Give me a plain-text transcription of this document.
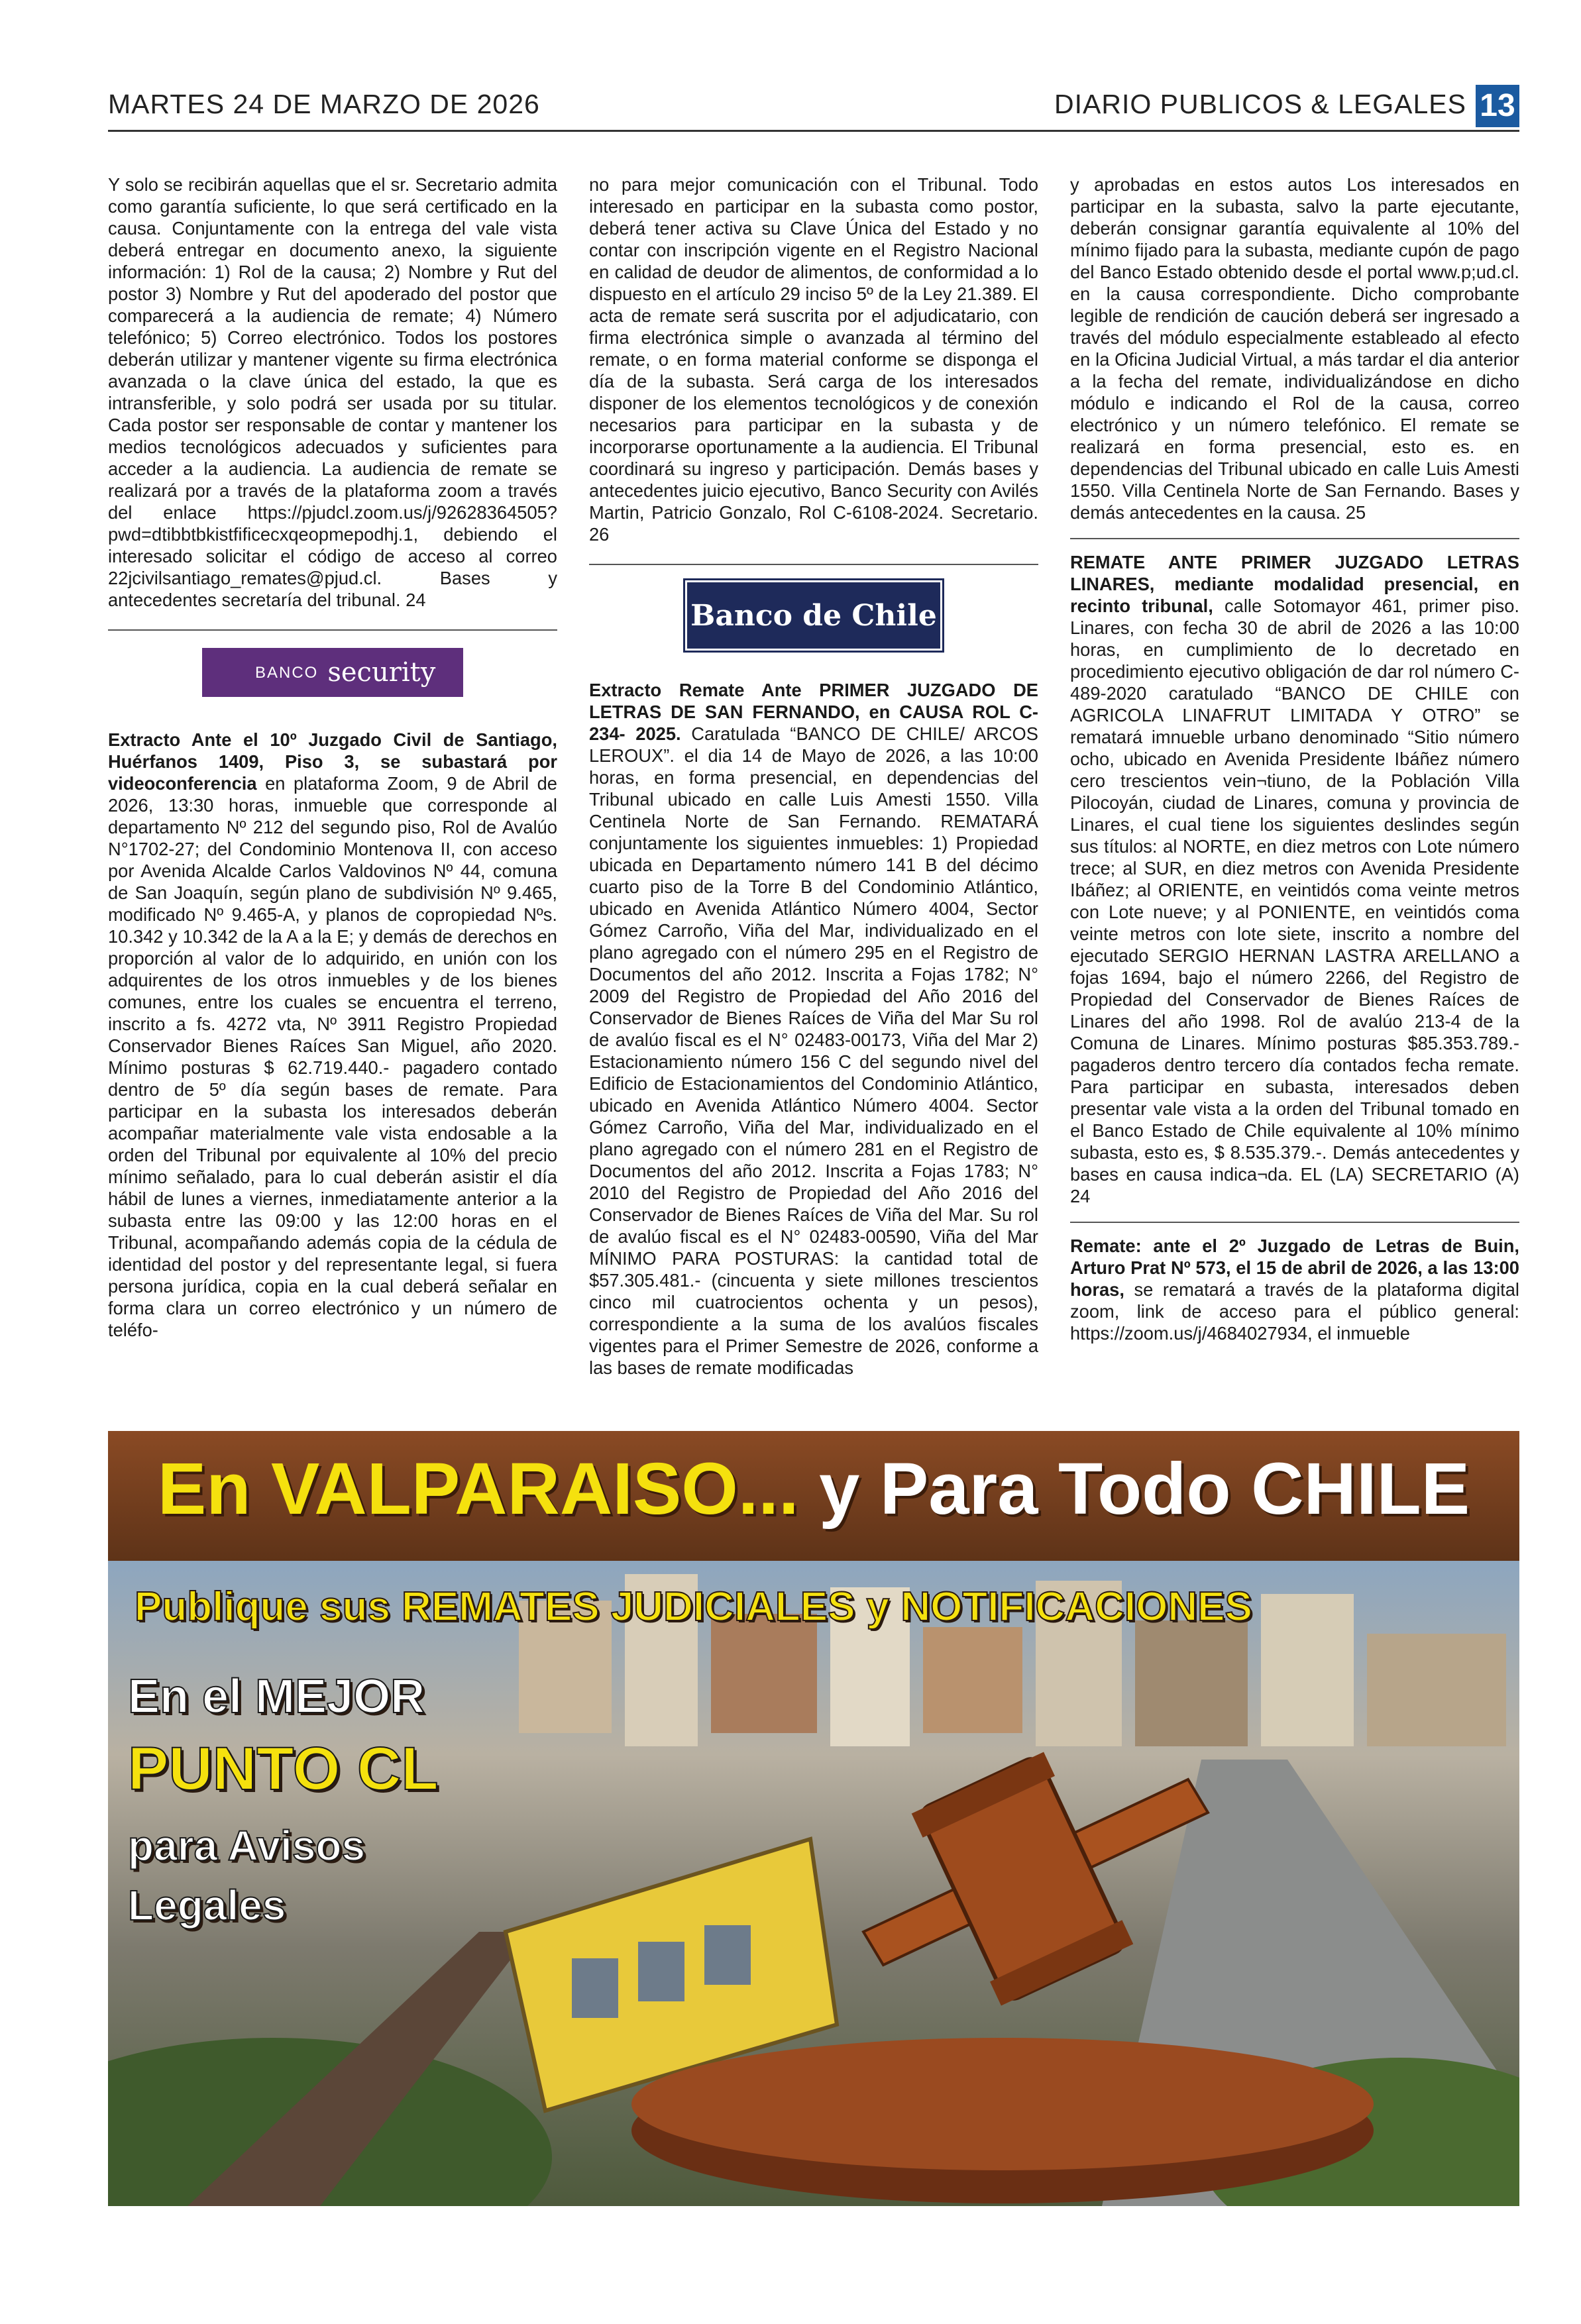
MARTES 24 DE MARZO DE 2026	DIARIO PUBLICOS & LEGALES 13

Y solo se recibirán aquellas que el sr. Secretario admita como garantía suficiente, lo que será certificado en la causa. Conjuntamente con la entrega del vale vista deberá entregar en documento anexo, la siguiente información: 1) Rol de la causa; 2) Nombre y Rut del postor 3) Nombre y Rut del apoderado del postor que comparecerá a la audiencia de remate; 4) Número telefónico; 5) Correo electrónico. Todos los postores deberán utilizar y mantener vigente su firma electrónica avanzada o la clave única del estado, la que es intransferible, y solo podrá ser usada por su titular. Cada postor ser responsable de contar y mantener los medios tecnológicos adecuados y suficientes para acceder a la audiencia. La audiencia de remate se realizará por a través de la plataforma zoom a través del enlace https://pjudcl.zoom.us/j/92628364505?pwd=dtibbtbkistfificecxqeopmepodhj.1, debiendo el interesado solicitar el código de acceso al correo 22jcivilsantiago_remates@pjud.cl. Bases y antecedentes secretaría del tribunal. 24

BANCO security

Extracto Ante el 10º Juzgado Civil de Santiago, Huérfanos 1409, Piso 3, se subastará por videoconferencia en plataforma Zoom, 9 de Abril de 2026, 13:30 horas, inmueble que corresponde al departamento Nº 212 del segundo piso, Rol de Avalúo N°1702-27; del Condominio Montenova II, con acceso por Avenida Alcalde Carlos Valdovinos Nº 44, comuna de San Joaquín, según plano de subdivisión Nº 9.465, modificado Nº 9.465-A, y planos de copropiedad Nºs. 10.342 y 10.342 de la A a la E; y demás de derechos en proporción al valor de lo adquirido, en unión con los adquirentes de los otros inmuebles y de los bienes comunes, entre los cuales se encuentra el terreno, inscrito a fs. 4272 vta, Nº 3911 Registro Propiedad Conservador Bienes Raíces San Miguel, año 2020. Mínimo posturas $ 62.719.440.- pagadero contado dentro de 5º día según bases de remate. Para participar en la subasta los interesados deberán acompañar materialmente vale vista endosable a la orden del Tribunal por equivalente al 10% del precio mínimo señalado, para lo cual deberán asistir el día hábil de lunes a viernes, inmediatamente anterior a la subasta entre las 09:00 y las 12:00 horas en el Tribunal, acompañando además copia de la cédula de identidad del postor y del representante legal, si fuera persona jurídica, copia en la cual deberá señalar en forma clara un correo electrónico y un número de teléfo-

no para mejor comunicación con el Tribunal. Todo interesado en participar en la subasta como postor, deberá tener activa su Clave Única del Estado y no contar con inscripción vigente en el Registro Nacional en calidad de deudor de alimentos, de conformidad a lo dispuesto en el artículo 29 inciso 5º de la Ley 21.389. El acta de remate será suscrita por el adjudicatario, con firma electrónica simple o avanzada al término del remate, o en forma material conforme se disponga el día de la subasta. Será carga de los interesados disponer de los elementos tecnológicos y de conexión necesarios para participar en la subasta y de incorporarse oportunamente a la audiencia. El Tribunal coordinará su ingreso y participación. Demás bases y antecedentes juicio ejecutivo, Banco Security con Avilés Martin, Patricio Gonzalo, Rol C-6108-2024. Secretario. 26

Banco de Chile

Extracto Remate Ante PRIMER JUZGADO DE LETRAS DE SAN FERNANDO, en CAUSA ROL C-234- 2025. Caratulada “BANCO DE CHILE/ ARCOS LEROUX”. el dia 14 de Mayo de 2026, a las 10:00 horas, en forma presencial, en dependencias del Tribunal ubicado en calle Luis Amesti 1550. Villa Centinela Norte de San Fernando. REMATARÁ conjuntamente los siguientes inmuebles: 1) Propiedad ubicada en Departamento número 141 B del décimo cuarto piso de la Torre B del Condominio Atlántico, ubicado en Avenida Atlántico Número 4004, Sector Gómez Carroño, Viña del Mar, individualizado en el plano agregado con el número 295 en el Registro de Documentos del año 2012. Inscrita a Fojas 1782; N° 2009 del Registro de Propiedad del Año 2016 del Conservador de Bienes Raíces de Viña del Mar Su rol de avalúo fiscal es el N° 02483-00173, Viña del Mar 2) Estacionamiento número 156 C del segundo nivel del Edificio de Estacionamientos del Condominio Atlántico, ubicado en Avenida Atlántico Número 4004. Sector Gómez Carroño, Viña del Mar, individualizado en el plano agregado con el número 281 en el Registro de Documentos del año 2012. Inscrita a Fojas 1783; N° 2010 del Registro de Propiedad del Año 2016 del Conservador de Bienes Raíces de Viña del Mar. Su rol de avalúo fiscal es el N° 02483-00590, Viña del Mar MÍNIMO PARA POSTURAS: la cantidad total de $57.305.481.- (cincuenta y siete millones trescientos cinco mil cuatrocientos ochenta y un pesos), correspondiente a la suma de los avalúos fiscales vigentes para el Primer Semestre de 2026, conforme a las bases de remate modificadas

y aprobadas en estos autos Los interesados en participar en la subasta, salvo la parte ejecutante, deberán consignar garantía equivalente al 10% del mínimo fijado para la subasta, mediante cupón de pago del Banco Estado obtenido desde el portal www.p;ud.cl. en la causa correspondiente. Dicho comprobante legible de rendición de caución deberá ser ingresado a través del módulo especialmente estableado al efecto en la Oficina Judicial Virtual, a más tardar el dia anterior a la fecha del remate, individualizándose en dicho módulo e indicando el Rol de la causa, correo electrónico y un número telefónico. El remate se realizará en forma presencial, esto es. en dependencias del Tribunal ubicado en calle Luis Amesti 1550. Villa Centinela Norte de San Fernando. Bases y demás antecedentes en la causa. 25

REMATE ANTE PRIMER JUZGADO LETRAS LINARES, mediante modalidad presencial, en recinto tribunal, calle Sotomayor 461, primer piso. Linares, con fecha 30 de abril de 2026 a las 10:00 horas, en cumplimiento de lo decretado en procedimiento ejecutivo obligación de dar rol número C-489-2020 caratulado “BANCO DE CHILE con AGRICOLA LINAFRUT LIMITADA Y OTRO” se rematará imnueble urbano denominado “Sitio número ocho, ubicado en Avenida Presidente Ibáñez número cero trescientos vein¬tiuno, de la Población Villa Pilocoyán, ciudad de Linares, comuna y provincia de Linares, el cual tiene los siguientes deslindes según sus títulos: al NORTE, en diez metros con Lote número trece; al SUR, en diez metros con Avenida Presidente Ibáñez; al ORIENTE, en veintidós coma veinte metros con Lote nueve; y al PONIENTE, en veintidós coma veinte metros con lote siete, inscrito a nombre del ejecutado SERGIO HERNAN LASTRA ARELLANO a fojas 1694, bajo el número 2266, del Registro de Propiedad del Conservador de Bienes Raíces de Linares del año 1998. Rol de avalúo 213-4 de la Comuna de Linares. Mínimo posturas $85.353.789.- pagaderos dentro tercero día contados fecha remate. Para participar en subasta, interesados deben presentar vale vista a la orden del Tribunal tomado en el Banco Estado de Chile equivalente al 10% mínimo subasta, esto es, $ 8.535.379.-. Demás antecedentes y bases en causa indica¬da. EL (LA) SECRETARIO (A) 24

Remate: ante el 2º Juzgado de Letras de Buin, Arturo Prat Nº 573, el 15 de abril de 2026, a las 13:00 horas, se rematará a través de la plataforma digital zoom, link de acceso para el público general: https://zoom.us/j/4684027934, el inmueble

En VALPARAISO... y Para Todo CHILE
Publique sus REMATES JUDICIALES y NOTIFICACIONES
En el MEJOR
PUNTO CL
para Avisos
Legales
